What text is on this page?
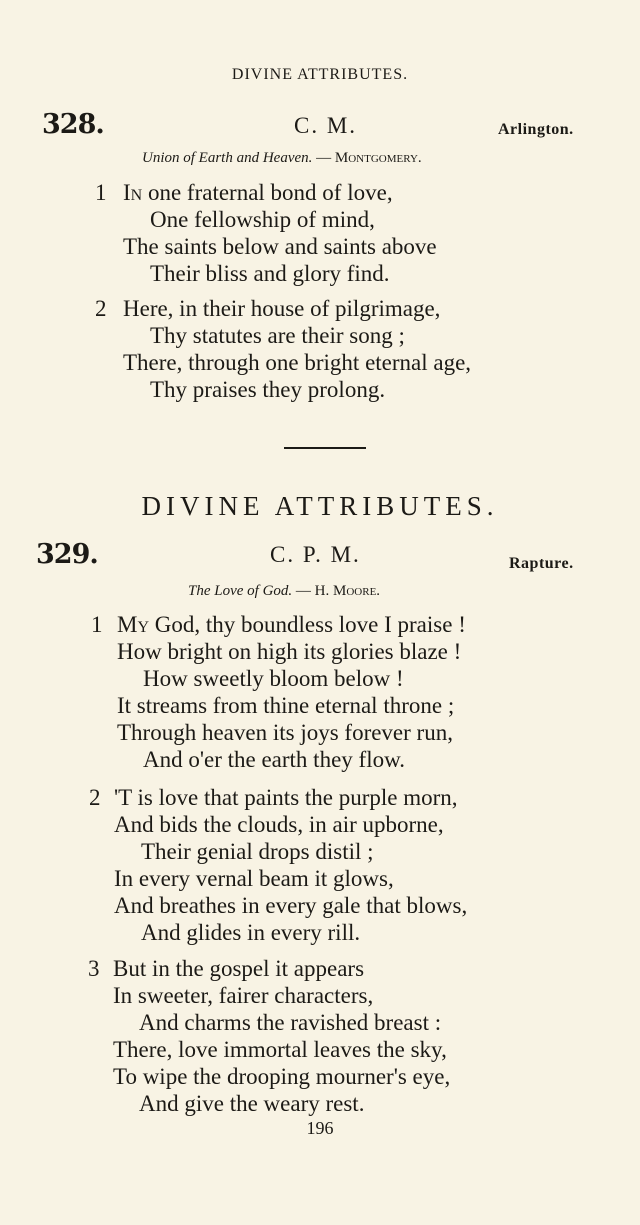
DIVINE ATTRIBUTES.
328.	C. M.	Arlington.
Union of Earth and Heaven. — Montgomery.
1 In one fraternal bond of love,
One fellowship of mind,
The saints below and saints above
Their bliss and glory find.
2 Here, in their house of pilgrimage,
Thy statutes are their song ;
There, through one bright eternal age,
Thy praises they prolong.
DIVINE ATTRIBUTES.
329.	C. P. M.	Rapture.
The Love of God. — H. Moore.
1 My God, thy boundless love I praise !
How bright on high its glories blaze !
How sweetly bloom below !
It streams from thine eternal throne ;
Through heaven its joys forever run,
And o'er the earth they flow.
2 'T is love that paints the purple morn,
And bids the clouds, in air upborne,
Their genial drops distil ;
In every vernal beam it glows,
And breathes in every gale that blows,
And glides in every rill.
3 But in the gospel it appears
In sweeter, fairer characters,
And charms the ravished breast :
There, love immortal leaves the sky,
To wipe the drooping mourner's eye,
And give the weary rest.
196
